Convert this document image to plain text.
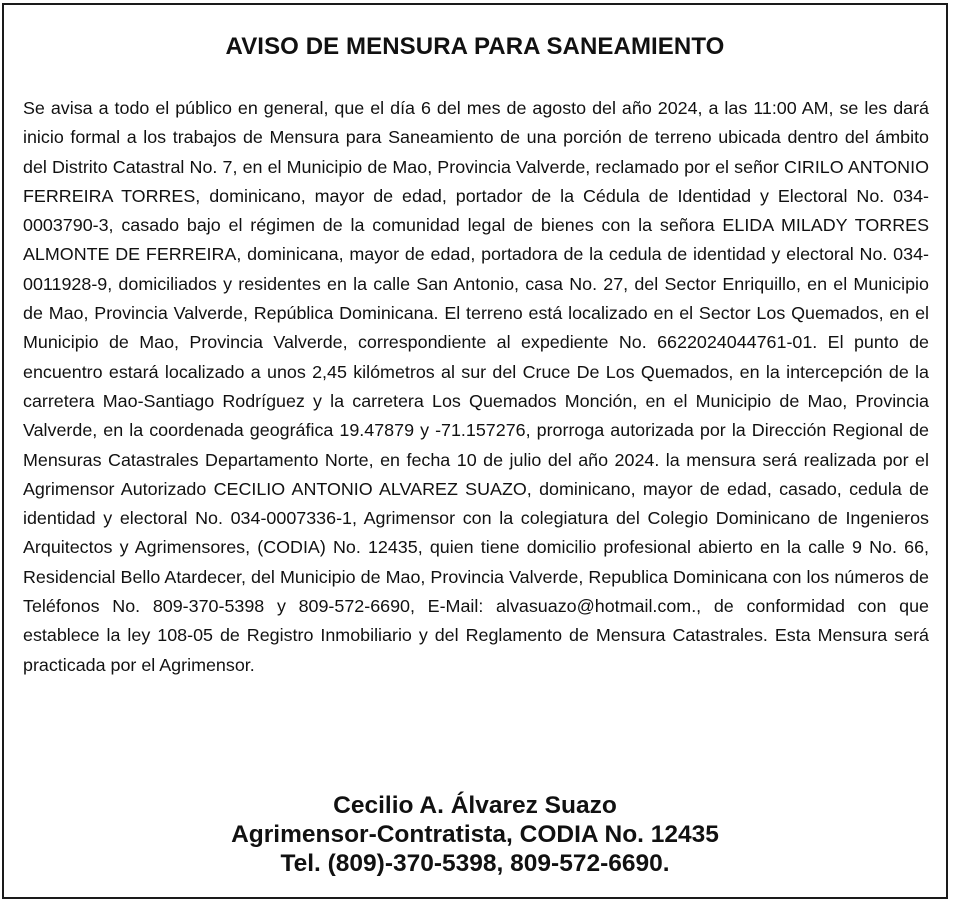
AVISO DE MENSURA PARA SANEAMIENTO

Se avisa a todo el público en general, que el día 6 del mes de agosto del año 2024, a las 11:00 AM, se les dará inicio formal a los trabajos de Mensura para Saneamiento de una porción de terreno ubicada dentro del ámbito del Distrito Catastral No. 7, en el Municipio de Mao, Provincia Valverde, reclamado por el señor CIRILO ANTONIO FERREIRA TORRES, dominicano, mayor de edad, portador de la Cédula de Identidad y Electoral No. 034-0003790-3, casado bajo el régimen de la comunidad legal de bienes con la señora ELIDA MILADY TORRES ALMONTE DE FERREIRA, dominicana, mayor de edad, portadora de la cedula de identidad y electoral No. 034-0011928-9, domiciliados y residentes en la calle San Antonio, casa No. 27, del Sector Enriquillo, en el Municipio de Mao, Provincia Valverde, República Dominicana. El terreno está localizado en el Sector Los Quemados, en el Municipio de Mao, Provincia Valverde, correspondiente al expediente No. 6622024044761-01. El punto de encuentro estará localizado a unos 2,45 kilómetros al sur del Cruce De Los Quemados, en la intercepción de la carretera Mao-Santiago Rodríguez y la carretera Los Quemados Monción, en el Municipio de Mao, Provincia Valverde, en la coordenada geográfica 19.47879 y -71.157276, prorroga autorizada por la Dirección Regional de Mensuras Catastrales Departamento Norte, en fecha 10 de julio del año 2024. la mensura será realizada por el Agrimensor Autorizado CECILIO ANTONIO ALVAREZ SUAZO, dominicano, mayor de edad, casado, cedula de identidad y electoral No. 034-0007336-1, Agrimensor con la colegiatura del Colegio Dominicano de Ingenieros Arquitectos y Agrimensores, (CODIA) No. 12435, quien tiene domicilio profesional abierto en la calle 9 No. 66, Residencial Bello Atardecer, del Municipio de Mao, Provincia Valverde, Republica Dominicana con los números de Teléfonos No. 809-370-5398 y 809-572-6690, E-Mail: alvasuazo@hotmail.com., de conformidad con que establece la ley 108-05 de Registro Inmobiliario y del Reglamento de Mensura Catastrales. Esta Mensura será practicada por el Agrimensor.

Cecilio A. Álvarez Suazo
Agrimensor-Contratista, CODIA No. 12435
Tel. (809)-370-5398, 809-572-6690.
